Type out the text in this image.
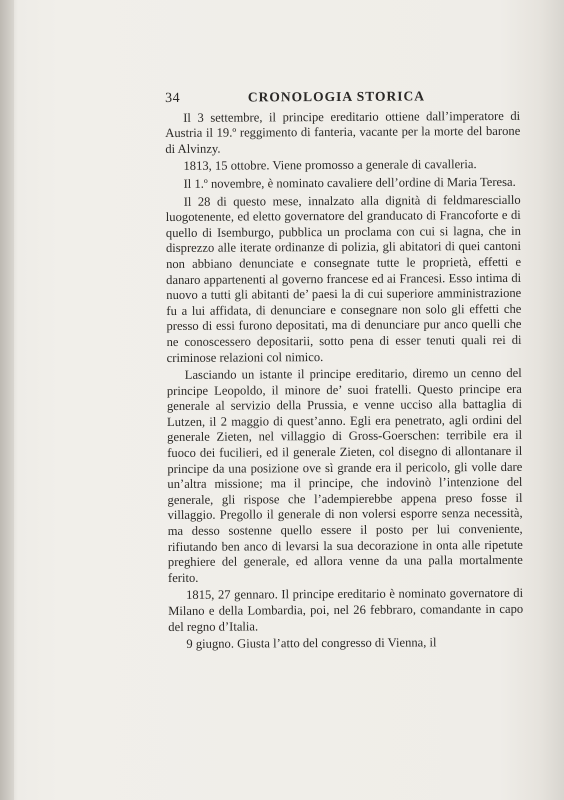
34	CRONOLOGIA STORICA

Il 3 settembre, il principe ereditario ottiene dall’imperatore di Austria il 19.º reggimento di fanteria, vacante per la morte del barone di Alvinzy.

1813, 15 ottobre. Viene promosso a generale di cavalleria.

Il 1.º novembre, è nominato cavaliere dell’ordine di Maria Teresa.

Il 28 di questo mese, innalzato alla dignità di feldmaresciallo luogotenente, ed eletto governatore del granducato di Francoforte e di quello di Isemburgo, pubblica un proclama con cui si lagna, che in disprezzo alle iterate ordinanze di polizia, gli abitatori di quei cantoni non abbiano denunciate e consegnate tutte le proprietà, effetti e danaro appartenenti al governo francese ed ai Francesi. Esso intima di nuovo a tutti gli abitanti de’ paesi la di cui superiore amministrazione fu a lui affidata, di denunciare e consegnare non solo gli effetti che presso di essi furono depositati, ma di denunciare pur anco quelli che ne conoscessero depositarii, sotto pena di esser tenuti quali rei di criminose relazioni col nimico.

Lasciando un istante il principe ereditario, diremo un cenno del principe Leopoldo, il minore de’ suoi fratelli. Questo principe era generale al servizio della Prussia, e venne ucciso alla battaglia di Lutzen, il 2 maggio di quest’anno. Egli era penetrato, agli ordini del generale Zieten, nel villaggio di Gross-Goerschen: terribile era il fuoco dei fucilieri, ed il generale Zieten, col disegno di allontanare il principe da una posizione ove sì grande era il pericolo, gli volle dare un’altra missione; ma il principe, che indovinò l’intenzione del generale, gli rispose che l’adempierebbe appena preso fosse il villaggio. Pregollo il generale di non volersi esporre senza necessità, ma desso sostenne quello essere il posto per lui conveniente, rifiutando ben anco di levarsi la sua decorazione in onta alle ripetute preghiere del generale, ed allora venne da una palla mortalmente ferito.

1815, 27 gennaro. Il principe ereditario è nominato governatore di Milano e della Lombardia, poi, nel 26 febbraro, comandante in capo del regno d’Italia.

9 giugno. Giusta l’atto del congresso di Vienna, il
